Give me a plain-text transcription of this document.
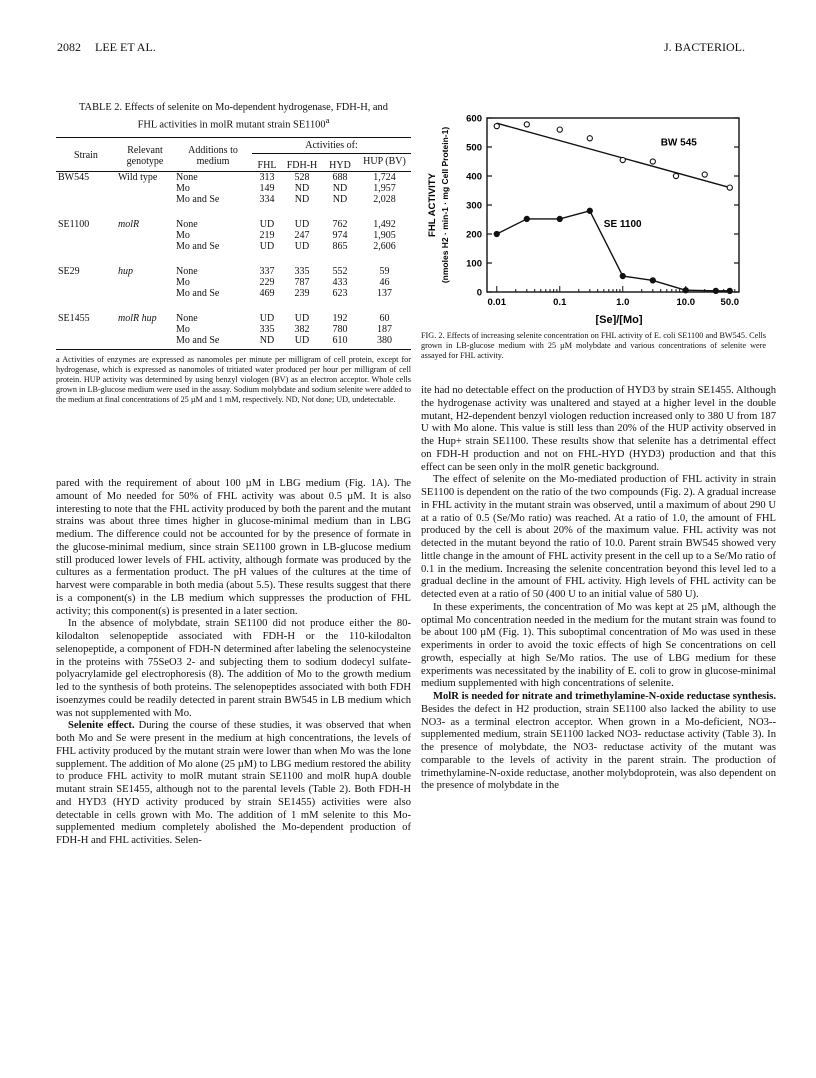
2082 LEE ET AL.	J. BACTERIOL.
TABLE 2. Effects of selenite on Mo-dependent hydrogenase, FDH-H, and FHL activities in molR mutant strain SE1100$^a$
Strain	Relevant genotype	Additions to medium	Activities of:			
			FHL	FDH-H	HYD	HUP (BV)
BW545	Wild type	None	313	528	688	1,724
		Mo	149	ND	ND	1,957
		Mo and Se	334	ND	ND	2,028
SE1100	molR	None	UD	UD	762	1,492
		Mo	219	247	974	1,905
		Mo and Se	UD	UD	865	2,606
SE29	hup	None	337	335	552	59
		Mo	229	787	433	46
		Mo and Se	469	239	623	137
SE1455	molR hup	None	UD	UD	192	60
		Mo	335	382	780	187
		Mo and Se	ND	UD	610	380
a Activities of enzymes are expressed as nanomoles per minute per milligram of cell protein, except for hydrogenase, which is expressed as nanomoles of tritiated water produced per hour per milligram of cell protein. HUP activity was determined by using benzyl viologen (BV) as an electron acceptor. Whole cells grown in LB-glucose medium were used in the assay. Sodium molybdate and sodium selenite were added to the medium at final concentrations of 25 µM and 1 mM, respectively. ND, Not done; UD, undetectable.

pared with the requirement of about 100 µM in LBG medium (Fig. 1A). The amount of Mo needed for 50% of FHL activity was about 0.5 µM. It is also interesting to note that the FHL activity produced by both the parent and the mutant strains was about three times higher in glucose-minimal medium than in LBG medium. The difference could not be accounted for by the presence of formate in the glucose-minimal medium, since strain SE1100 grown in LB-glucose medium still produced lower levels of FHL activity, although formate was produced by the cultures as a fermentation product. The pH values of the cultures at the time of harvest were comparable in both media (about 5.5). These results suggest that there is a component(s) in the LB medium which suppresses the production of FHL activity; this component(s) is presented in a later section.

In the absence of molybdate, strain SE1100 did not produce either the 80-kilodalton selenopeptide associated with FDH-H or the 110-kilodalton selenopeptide, a component of FDH-N determined after labeling the selenocysteine in the proteins with 75SeO3 2- and subjecting them to sodium dodecyl sulfate-polyacrylamide gel electrophoresis (8). The addition of Mo to the growth medium led to the synthesis of both proteins. The selenopeptides associated with both FDH isoenzymes could be readily detected in parent strain BW545 in LB medium which was not supplemented with Mo.

Selenite effect. During the course of these studies, it was observed that when both Mo and Se were present in the medium at high concentrations, the levels of FHL activity produced by the mutant strain were lower than when Mo was the lone supplement. The addition of Mo alone (25 µM) to LBG medium restored the ability to produce FHL activity to molR mutant strain SE1100 and molR hupA double mutant strain SE1455, although not to the parental levels (Table 2). Both FDH-H and HYD3 (HYD activity produced by strain SE1455) activities were also detectable in cells grown with Mo. The addition of 1 mM selenite to this Mo-supplemented medium completely abolished the Mo-dependent production of FDH-H and FHL activities. Selen-

0
100
200
300
400
500
600
0.01	0.1	1.0	10.0	50.0
[Se]/[Mo]
FHL ACTIVITY (nmoles H2 · min-1 · mg Cell Protein-1)	BW 545
SE 1100
FIG. 2. Effects of increasing selenite concentration on FHL activity of E. coli SE1100 and BW545. Cells grown in LB-glucose medium with 25 µM molybdate and various concentrations of selenite were assayed for FHL activity.

ite had no detectable effect on the production of HYD3 by strain SE1455. Although the hydrogenase activity was unaltered and stayed at a higher level in the double mutant, H2-dependent benzyl viologen reduction increased only to 380 U from 187 U with Mo alone. This value is still less than 20% of the HUP activity observed in the Hup+ strain SE1100. These results show that selenite has a detrimental effect on FDH-H production and not on FHL-HYD (HYD3) production and that this effect can be seen only in the molR genetic background.

The effect of selenite on the Mo-mediated production of FHL activity in strain SE1100 is dependent on the ratio of the two compounds (Fig. 2). A gradual increase in FHL activity in the mutant strain was observed, until a maximum of about 290 U at a ratio of 0.5 (Se/Mo ratio) was reached. At a ratio of 1.0, the amount of FHL produced by the cell is about 20% of the maximum value. FHL activity was not detected in the mutant beyond the ratio of 10.0. Parent strain BW545 showed very little change in the amount of FHL activity present in the cell up to a Se/Mo ratio of 0.1 in the medium. Increasing the selenite concentration beyond this level led to a gradual decline in the amount of FHL activity. High levels of FHL activity can be detected even at a ratio of 50 (400 U to an initial value of 580 U).

In these experiments, the concentration of Mo was kept at 25 µM, although the optimal Mo concentration needed in the medium for the mutant strain was found to be about 100 µM (Fig. 1). This suboptimal concentration of Mo was used in these experiments in order to avoid the toxic effects of high Se concentrations on cell growth, especially at high Se/Mo ratios. The use of LBG medium for these experiments was necessitated by the inability of E. coli to grow in glucose-minimal medium supplemented with high concentrations of selenite.

MolR is needed for nitrate and trimethylamine-N-oxide reductase synthesis. Besides the defect in H2 production, strain SE1100 also lacked the ability to use NO3- as a terminal electron acceptor. When grown in a Mo-deficient, NO3--supplemented medium, strain SE1100 lacked NO3- reductase activity (Table 3). In the presence of molybdate, the NO3- reductase activity of the mutant was comparable to the levels of activity in the parent strain. The production of trimethylamine-N-oxide reductase, another molybdoprotein, was also dependent on the presence of molybdate in the
